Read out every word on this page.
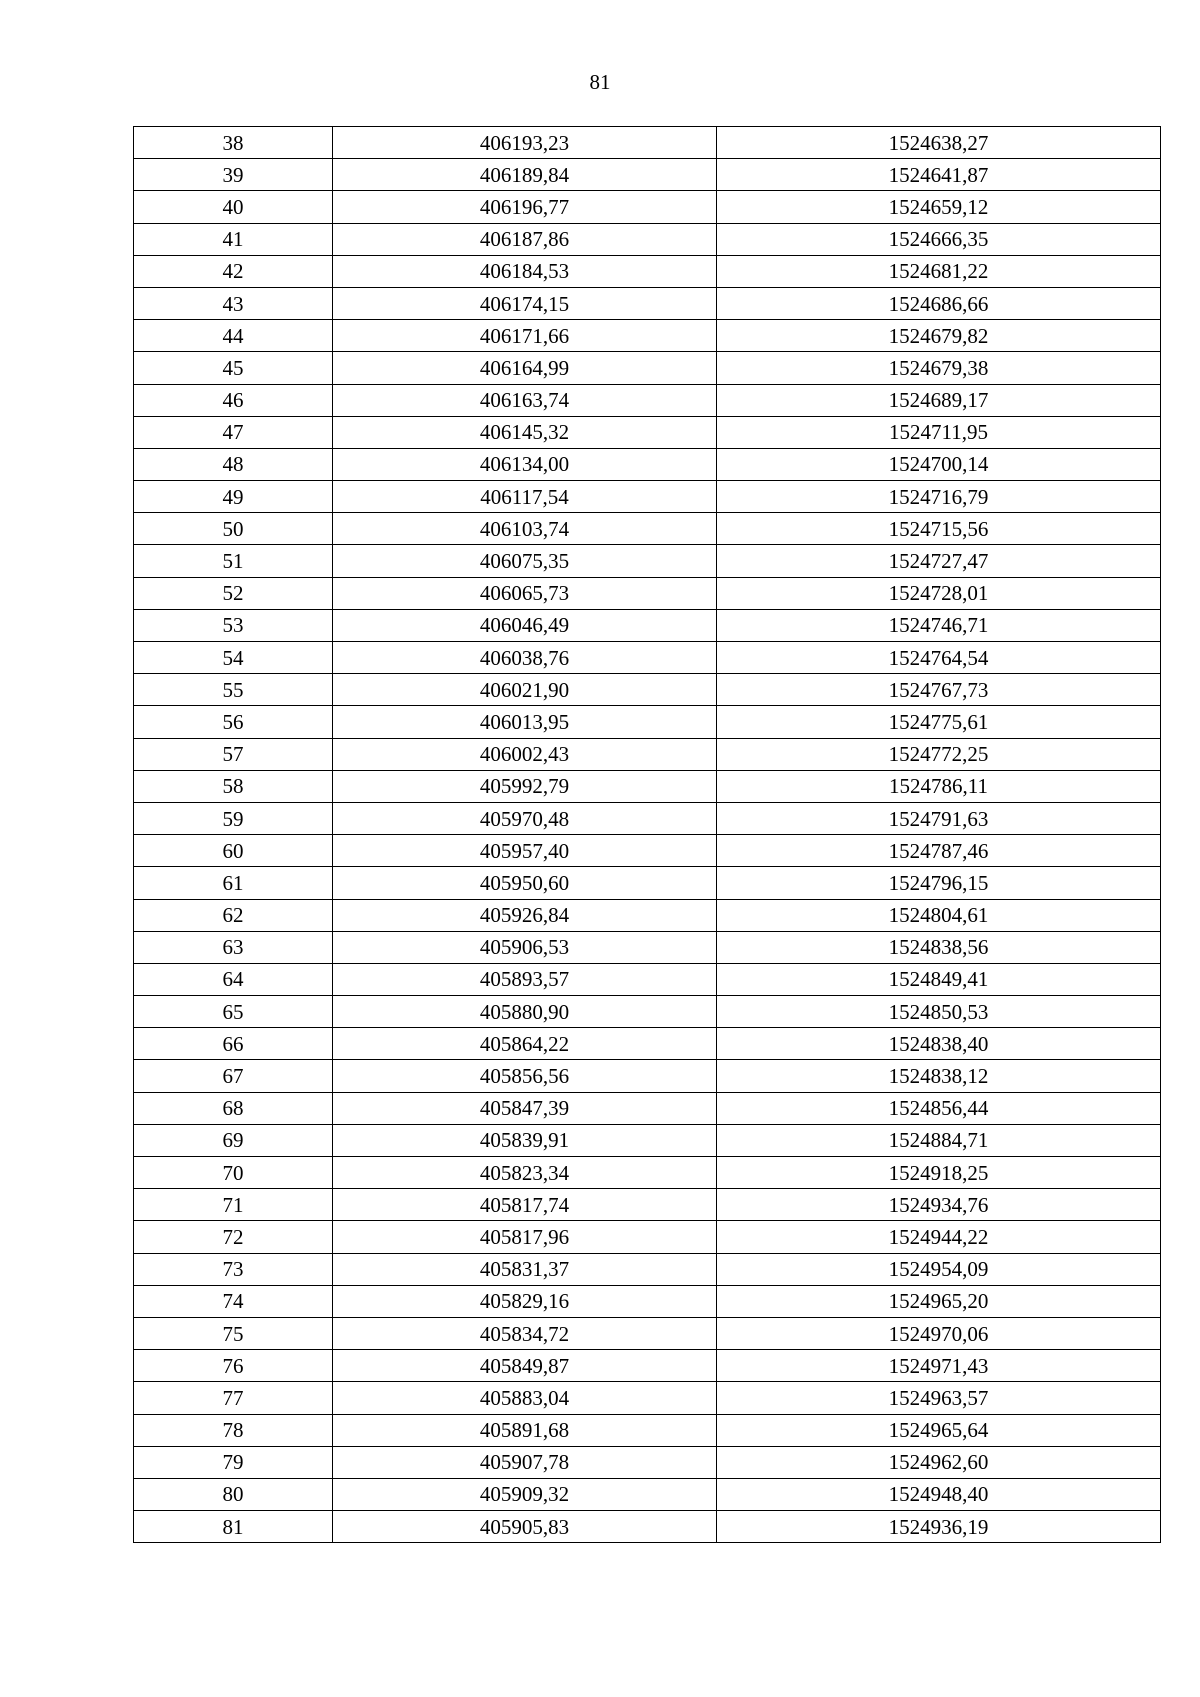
81
38	406193,23	1524638,27
39	406189,84	1524641,87
40	406196,77	1524659,12
41	406187,86	1524666,35
42	406184,53	1524681,22
43	406174,15	1524686,66
44	406171,66	1524679,82
45	406164,99	1524679,38
46	406163,74	1524689,17
47	406145,32	1524711,95
48	406134,00	1524700,14
49	406117,54	1524716,79
50	406103,74	1524715,56
51	406075,35	1524727,47
52	406065,73	1524728,01
53	406046,49	1524746,71
54	406038,76	1524764,54
55	406021,90	1524767,73
56	406013,95	1524775,61
57	406002,43	1524772,25
58	405992,79	1524786,11
59	405970,48	1524791,63
60	405957,40	1524787,46
61	405950,60	1524796,15
62	405926,84	1524804,61
63	405906,53	1524838,56
64	405893,57	1524849,41
65	405880,90	1524850,53
66	405864,22	1524838,40
67	405856,56	1524838,12
68	405847,39	1524856,44
69	405839,91	1524884,71
70	405823,34	1524918,25
71	405817,74	1524934,76
72	405817,96	1524944,22
73	405831,37	1524954,09
74	405829,16	1524965,20
75	405834,72	1524970,06
76	405849,87	1524971,43
77	405883,04	1524963,57
78	405891,68	1524965,64
79	405907,78	1524962,60
80	405909,32	1524948,40
81	405905,83	1524936,19
